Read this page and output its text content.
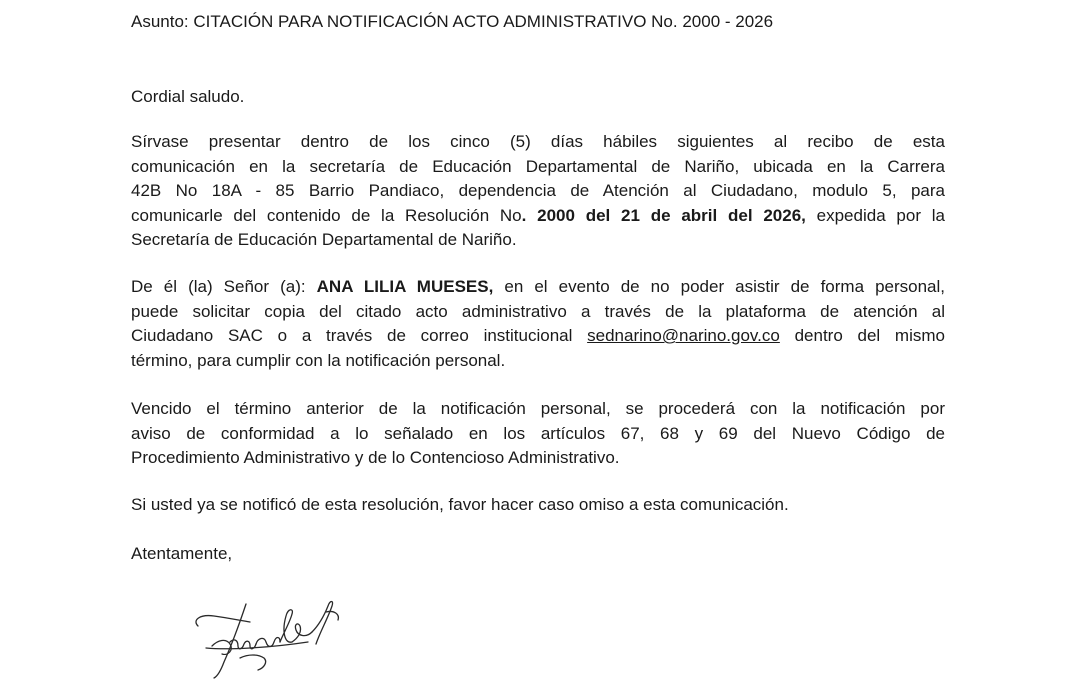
Asunto: CITACIÓN PARA NOTIFICACIÓN ACTO ADMINISTRATIVO No. 2000 - 2026
Cordial saludo.
Sírvase presentar dentro de los cinco (5) días hábiles siguientes al recibo de esta
comunicación en la secretaría de Educación Departamental de Nariño, ubicada en la Carrera
42B No 18A - 85 Barrio Pandiaco, dependencia de Atención al Ciudadano, modulo 5, para
comunicarle del contenido de la Resolución No. 2000 del 21 de abril del 2026, expedida por la
Secretaría de Educación Departamental de Nariño.
De él (la) Señor (a): ANA LILIA MUESES, en el evento de no poder asistir de forma personal,
puede solicitar copia del citado acto administrativo a través de la plataforma de atención al
Ciudadano SAC o a través de correo institucional sednarino@narino.gov.co dentro del mismo
término, para cumplir con la notificación personal.
Vencido el término anterior de la notificación personal, se procederá con la notificación por
aviso de conformidad a lo señalado en los artículos 67, 68 y 69 del Nuevo Código de
Procedimiento Administrativo y de lo Contencioso Administrativo.
Si usted ya se notificó de esta resolución, favor hacer caso omiso a esta comunicación.
Atentamente,
